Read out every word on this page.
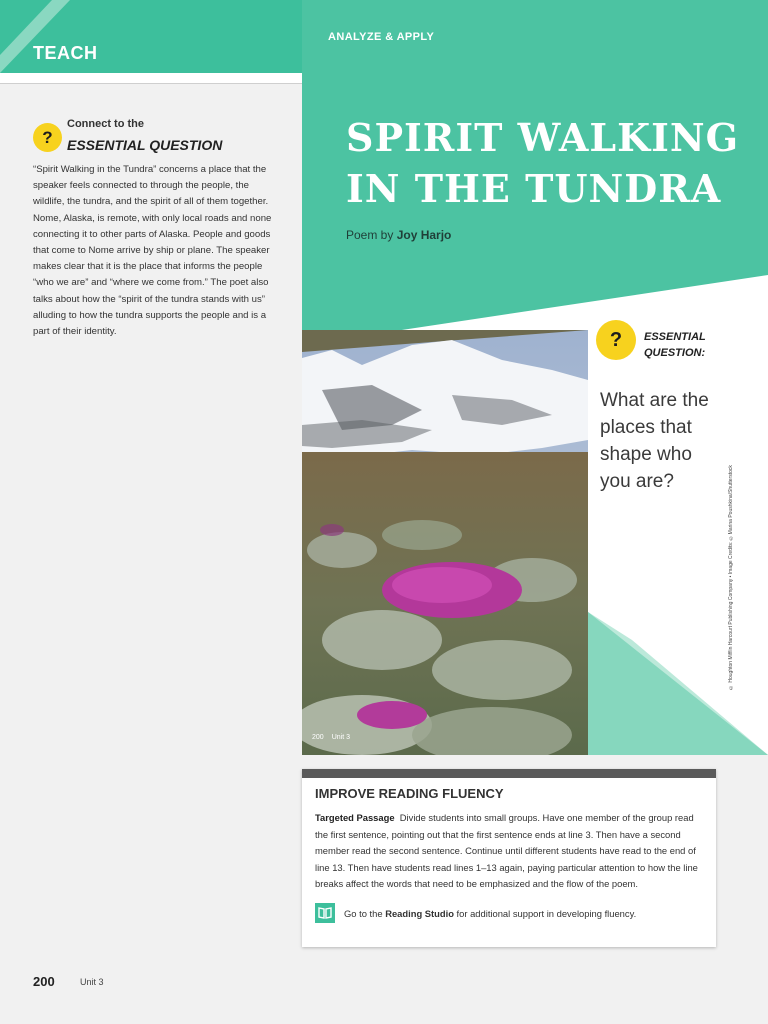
TEACH
?
Connect to the
ESSENTIAL QUESTION
“Spirit Walking in the Tundra” concerns a place that the speaker feels connected to through the people, the wildlife, the tundra, and the spirit of all of them together. Nome, Alaska, is remote, with only local roads and none connecting it to other parts of Alaska. People and goods that come to Nome arrive by ship or plane. The speaker makes clear that it is the place that informs the people “who we are” and “where we come from.” The poet also talks about how the “spirit of the tundra stands with us” alluding to how the tundra supports the people and is a part of their identity.
ANALYZE & APPLY
SPIRIT WALKING
IN THE TUNDRA
Poem by Joy Harjo
200 Unit 3
?	ESSENTIAL
QUESTION:
What are the places that shape who you are?	© Houghton Mifflin Harcourt Publishing Company • Image Credits: ©Marina Poushkina/Shutterstock
IMPROVE READING FLUENCY
Targeted Passage Divide students into small groups. Have one member of the group read the first sentence, pointing out that the first sentence ends at line 3. Then have a second member read the second sentence. Continue until different students have read to the end of line 13. Then have students read lines 1–13 again, paying particular attention to how the line breaks affect the words that need to be emphasized and the flow of the poem.
Go to the
Reading Studio
for additional support in developing fluency.
200	Unit 3
